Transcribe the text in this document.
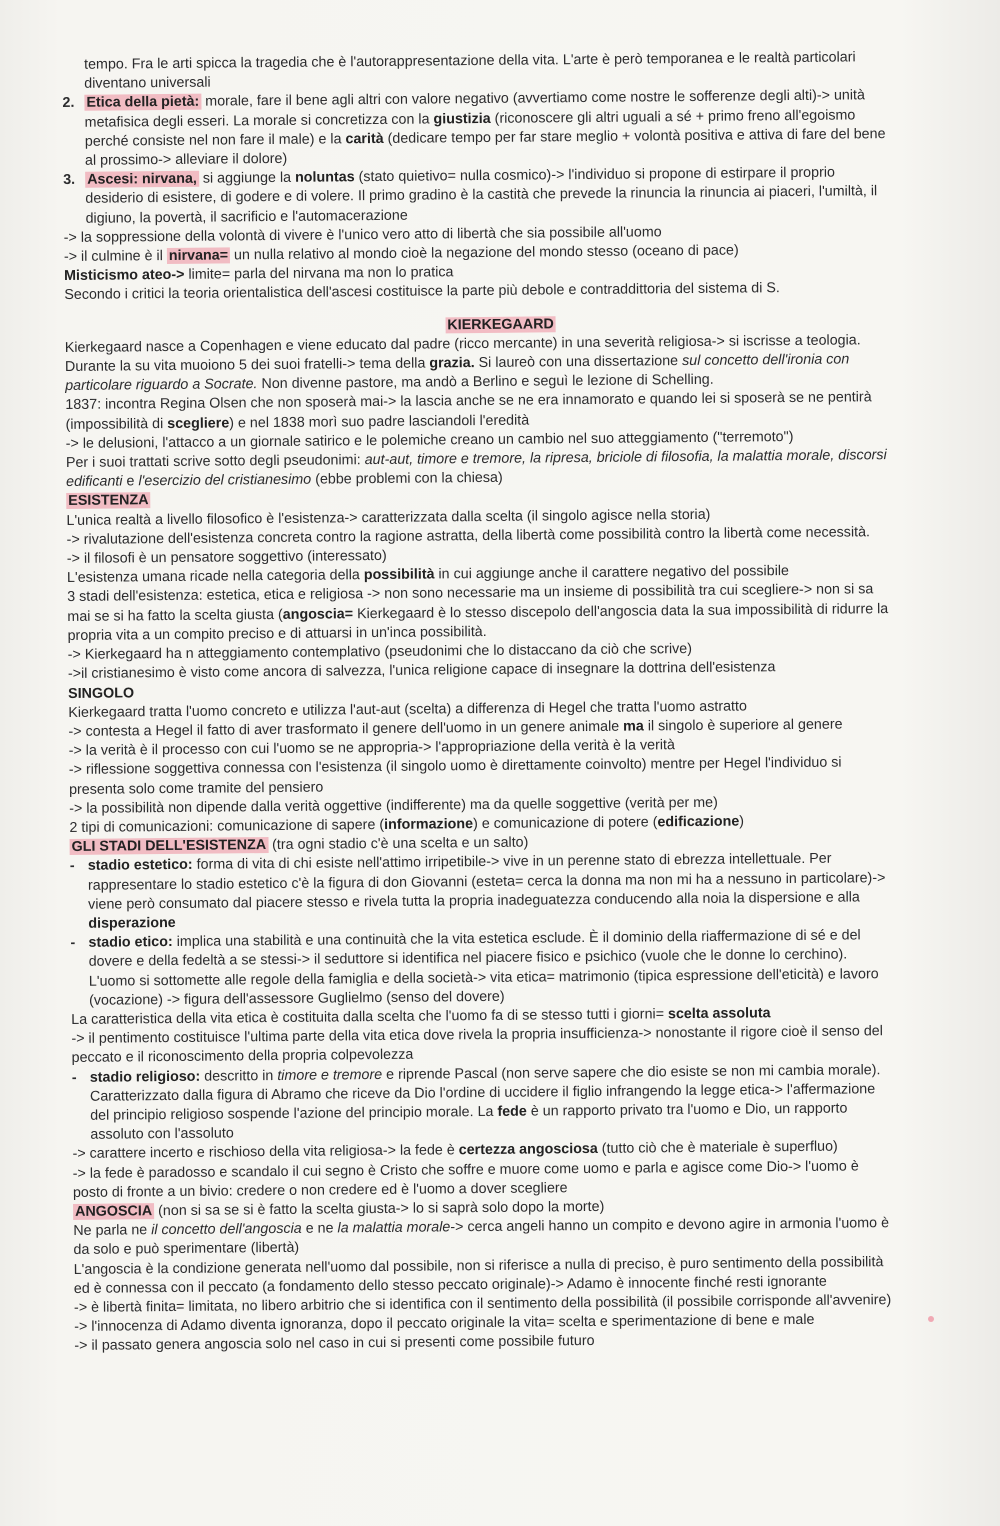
tempo. Fra le arti spicca la tragedia che è l'autorappresentazione della vita. L'arte è però temporanea e le realtà particolari
diventano universali
2. Etica della pietà: morale, fare il bene agli altri con valore negativo (avvertiamo come nostre le sofferenze degli alti)-> unità
metafisica degli esseri. La morale si concretizza con la giustizia (riconoscere gli altri uguali a sé + primo freno all'egoismo
perché consiste nel non fare il male) e la carità (dedicare tempo per far stare meglio + volontà positiva e attiva di fare del bene
al prossimo-> alleviare il dolore)
3. Ascesi: nirvana, si aggiunge la noluntas (stato quietivo= nulla cosmico)-> l'individuo si propone di estirpare il proprio
desiderio di esistere, di godere e di volere. Il primo gradino è la castità che prevede la rinuncia la rinuncia ai piaceri, l'umiltà, il
digiuno, la povertà, il sacrificio e l'automacerazione
-> la soppressione della volontà di vivere è l'unico vero atto di libertà che sia possibile all'uomo
-> il culmine è il nirvana= un nulla relativo al mondo cioè la negazione del mondo stesso (oceano di pace)
Misticismo ateo-> limite= parla del nirvana ma non lo pratica
Secondo i critici la teoria orientalistica dell'ascesi costituisce la parte più debole e contraddittoria del sistema di S.
KIERKEGAARD
Kierkegaard nasce a Copenhagen e viene educato dal padre (ricco mercante) in una severità religiosa-> si iscrisse a teologia.
Durante la su vita muoiono 5 dei suoi fratelli-> tema della grazia. Si laureò con una dissertazione sul concetto dell'ironia con
particolare riguardo a Socrate. Non divenne pastore, ma andò a Berlino e seguì le lezione di Schelling.
1837: incontra Regina Olsen che non sposerà mai-> la lascia anche se ne era innamorato e quando lei si sposerà se ne pentirà
(impossibilità di scegliere) e nel 1838 morì suo padre lasciandoli l'eredità
-> le delusioni, l'attacco a un giornale satirico e le polemiche creano un cambio nel suo atteggiamento ("terremoto")
Per i suoi trattati scrive sotto degli pseudonimi: aut-aut, timore e tremore, la ripresa, briciole di filosofia, la malattia morale, discorsi
edificanti e l'esercizio del cristianesimo (ebbe problemi con la chiesa)
ESISTENZA
L'unica realtà a livello filosofico è l'esistenza-> caratterizzata dalla scelta (il singolo agisce nella storia)
-> rivalutazione dell'esistenza concreta contro la ragione astratta, della libertà come possibilità contro la libertà come necessità.
-> il filosofi è un pensatore soggettivo (interessato)
L'esistenza umana ricade nella categoria della possibilità in cui aggiunge anche il carattere negativo del possibile
3 stadi dell'esistenza: estetica, etica e religiosa -> non sono necessarie ma un insieme di possibilità tra cui scegliere-> non si sa
mai se si ha fatto la scelta giusta (angoscia= Kierkegaard è lo stesso discepolo dell'angoscia data la sua impossibilità di ridurre la
propria vita a un compito preciso e di attuarsi in un'inca possibilità.
-> Kierkegaard ha n atteggiamento contemplativo (pseudonimi che lo distaccano da ciò che scrive)
->il cristianesimo è visto come ancora di salvezza, l'unica religione capace di insegnare la dottrina dell'esistenza
SINGOLO
Kierkegaard tratta l'uomo concreto e utilizza l'aut-aut (scelta) a differenza di Hegel che tratta l'uomo astratto
-> contesta a Hegel il fatto di aver trasformato il genere dell'uomo in un genere animale ma il singolo è superiore al genere
-> la verità è il processo con cui l'uomo se ne appropria-> l'appropriazione della verità è la verità
-> riflessione soggettiva connessa con l'esistenza (il singolo uomo è direttamente coinvolto) mentre per Hegel l'individuo si
presenta solo come tramite del pensiero
-> la possibilità non dipende dalla verità oggettive (indifferente) ma da quelle soggettive (verità per me)
2 tipi di comunicazioni: comunicazione di sapere (informazione) e comunicazione di potere (edificazione)
GLI STADI DELL'ESISTENZA (tra ogni stadio c'è una scelta e un salto)
- stadio estetico: forma di vita di chi esiste nell'attimo irripetibile-> vive in un perenne stato di ebrezza intellettuale. Per
rappresentare lo stadio estetico c'è la figura di don Giovanni (esteta= cerca la donna ma non mi ha a nessuno in particolare)->
viene però consumato dal piacere stesso e rivela tutta la propria inadeguatezza conducendo alla noia la dispersione e alla
disperazione
- stadio etico: implica una stabilità e una continuità che la vita estetica esclude. È il dominio della riaffermazione di sé e del
dovere e della fedeltà a se stessi-> il seduttore si identifica nel piacere fisico e psichico (vuole che le donne lo cerchino).
L'uomo si sottomette alle regole della famiglia e della società-> vita etica= matrimonio (tipica espressione dell'eticità) e lavoro
(vocazione) -> figura dell'assessore Guglielmo (senso del dovere)
La caratteristica della vita etica è costituita dalla scelta che l'uomo fa di se stesso tutti i giorni= scelta assoluta
-> il pentimento costituisce l'ultima parte della vita etica dove rivela la propria insufficienza-> nonostante il rigore cioè il senso del
peccato e il riconoscimento della propria colpevolezza
- stadio religioso: descritto in timore e tremore e riprende Pascal (non serve sapere che dio esiste se non mi cambia morale).
Caratterizzato dalla figura di Abramo che riceve da Dio l'ordine di uccidere il figlio infrangendo la legge etica-> l'affermazione
del principio religioso sospende l'azione del principio morale. La fede è un rapporto privato tra l'uomo e Dio, un rapporto
assoluto con l'assoluto
-> carattere incerto e rischioso della vita religiosa-> la fede è certezza angosciosa (tutto ciò che è materiale è superfluo)
-> la fede è paradosso e scandalo il cui segno è Cristo che soffre e muore come uomo e parla e agisce come Dio-> l'uomo è
posto di fronte a un bivio: credere o non credere ed è l'uomo a dover scegliere
ANGOSCIA (non si sa se si è fatto la scelta giusta-> lo si saprà solo dopo la morte)
Ne parla ne il concetto dell'angoscia e ne la malattia morale-> cerca angeli hanno un compito e devono agire in armonia l'uomo è
da solo e può sperimentare (libertà)
L'angoscia è la condizione generata nell'uomo dal possibile, non si riferisce a nulla di preciso, è puro sentimento della possibilità
ed è connessa con il peccato (a fondamento dello stesso peccato originale)-> Adamo è innocente finché resti ignorante
-> è libertà finita= limitata, no libero arbitrio che si identifica con il sentimento della possibilità (il possibile corrisponde all'avvenire)
-> l'innocenza di Adamo diventa ignoranza, dopo il peccato originale la vita= scelta e sperimentazione di bene e male
-> il passato genera angoscia solo nel caso in cui si presenti come possibile futuro
